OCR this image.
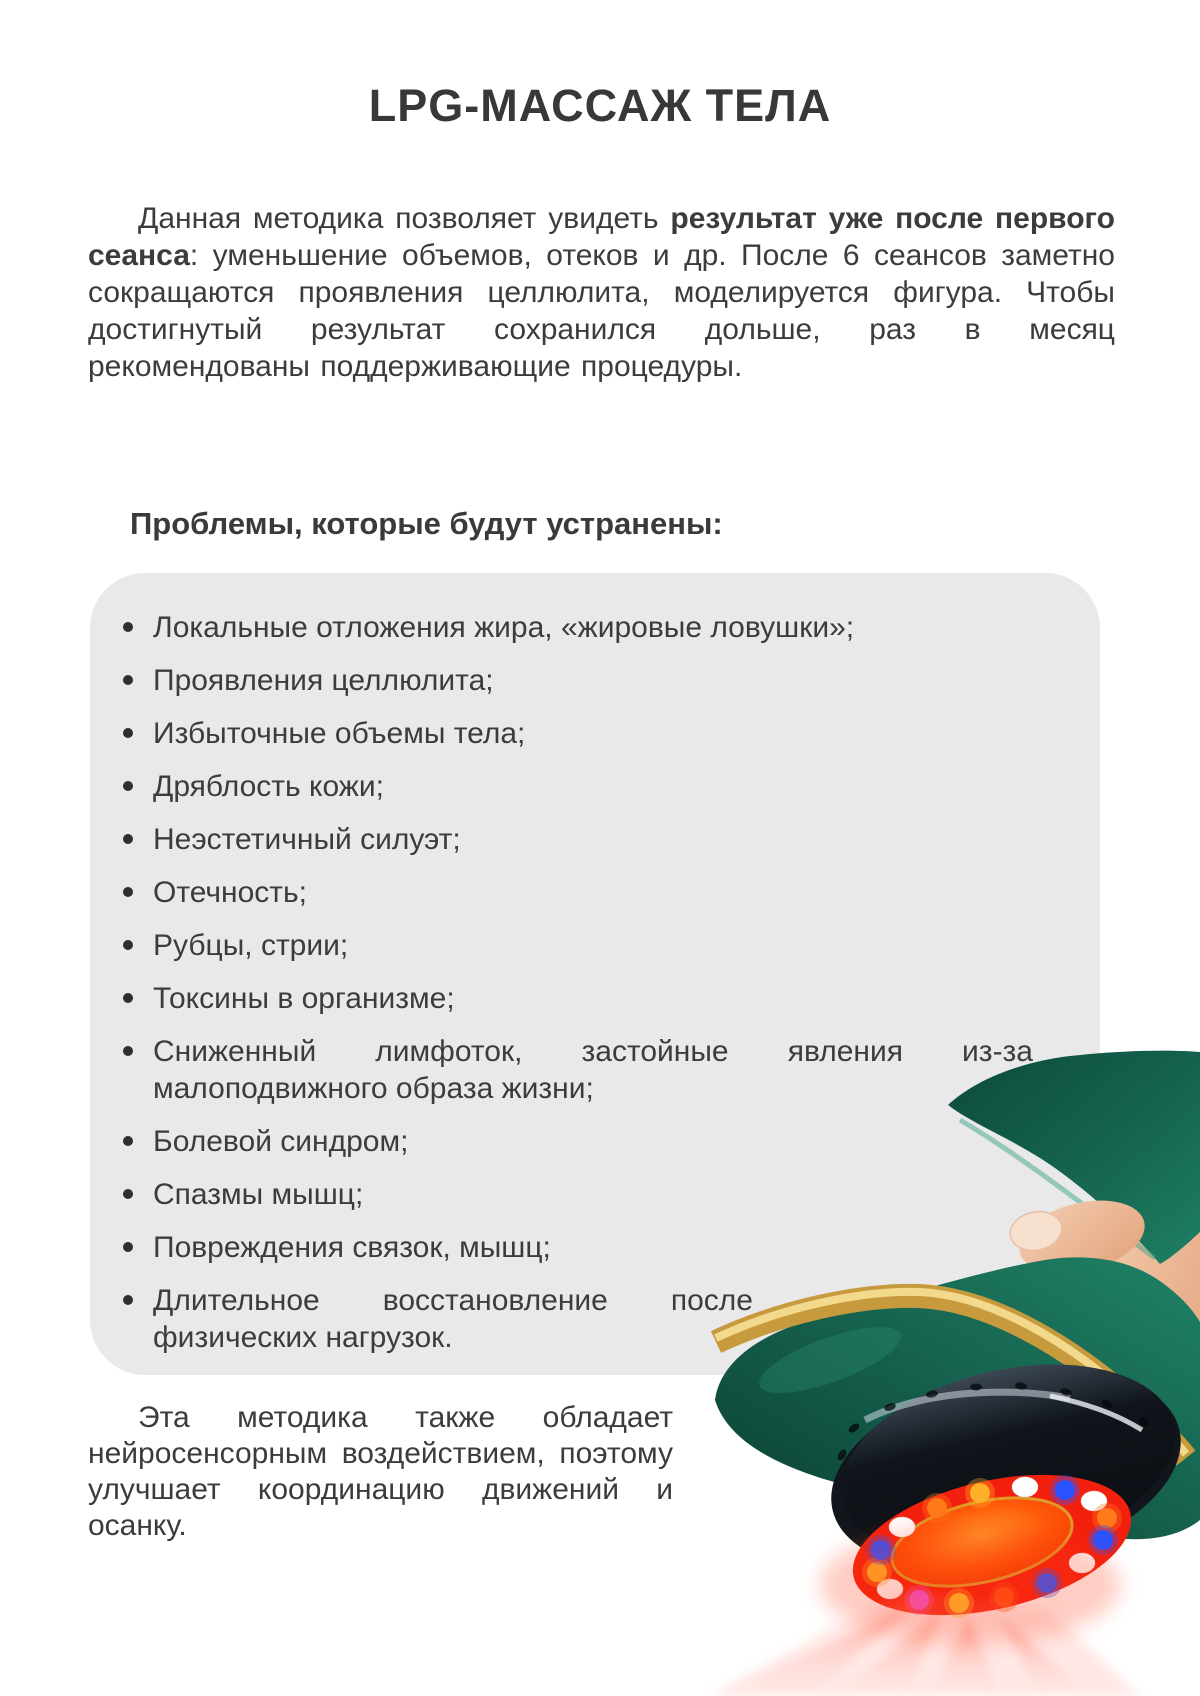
LPG-МАССАЖ ТЕЛА
Данная методика позволяет увидеть результат уже после первого сеанса: уменьшение объемов, отеков и др. После 6 сеансов заметно сокращаются проявления целлюлита, моделируется фигура. Чтобы достигнутый результат сохранился дольше, раз в месяц рекомендованы поддерживающие процедуры.
Проблемы, которые будут устранены:
Локальные отложения жира, «жировые ловушки»;
Проявления целлюлита;
Избыточные объемы тела;
Дряблость кожи;
Неэстетичный силуэт;
Отечность;
Рубцы, стрии;
Токсины в организме;
Сниженный лимфоток, застойные явления из-за малоподвижного образа жизни;
Болевой синдром;
Спазмы мышц;
Повреждения связок, мышц;
Длительное восстановление после физических нагрузок.
Эта методика также обладает нейросенсорным воздействием, поэтому улучшает координацию движений и осанку.
